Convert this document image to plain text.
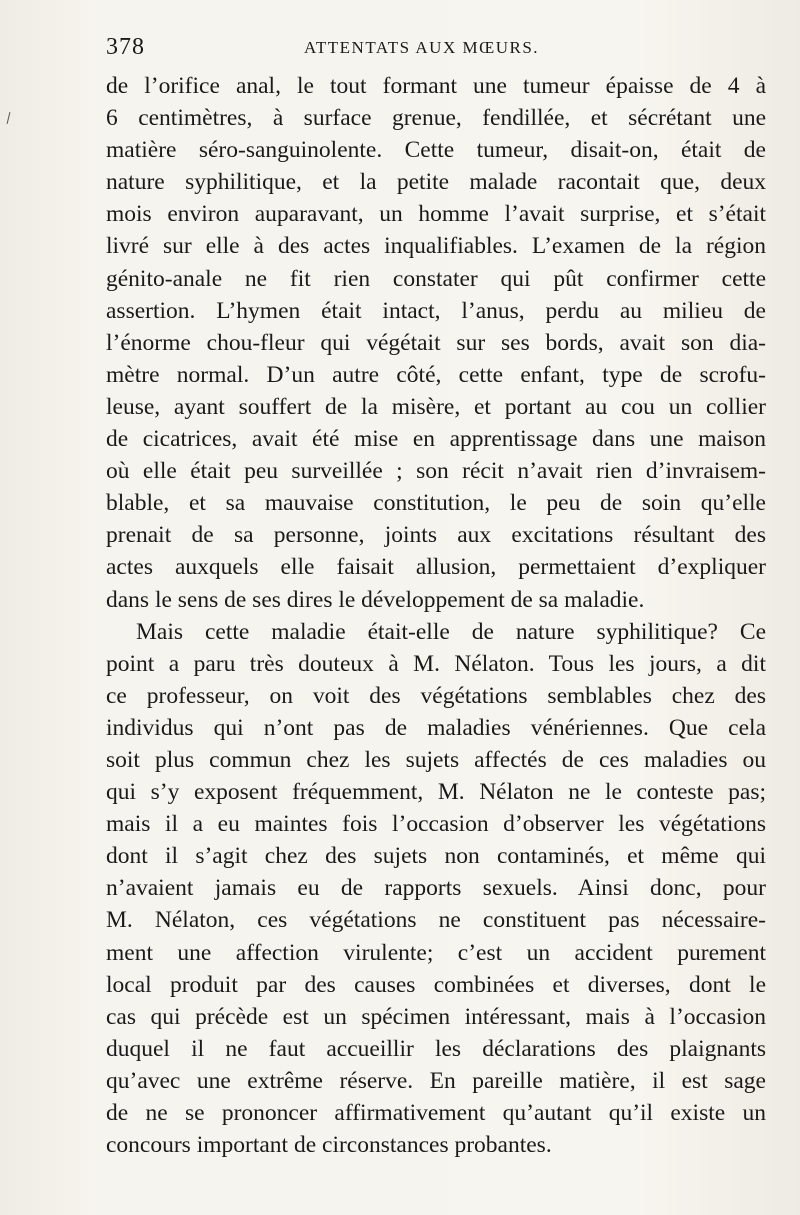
378	ATTENTATS AUX MŒURS.
de l’orifice anal, le tout formant une tumeur épaisse de 4 à
6 centimètres, à surface grenue, fendillée, et sécrétant une
matière séro-sanguinolente. Cette tumeur, disait-on, était de
nature syphilitique, et la petite malade racontait que, deux
mois environ auparavant, un homme l’avait surprise, et s’était
livré sur elle à des actes inqualifiables. L’examen de la région
génito-anale ne fit rien constater qui pût confirmer cette
assertion. L’hymen était intact, l’anus, perdu au milieu de
l’énorme chou-fleur qui végétait sur ses bords, avait son dia-
mètre normal. D’un autre côté, cette enfant, type de scrofu-
leuse, ayant souffert de la misère, et portant au cou un collier
de cicatrices, avait été mise en apprentissage dans une maison
où elle était peu surveillée ; son récit n’avait rien d’invraisem-
blable, et sa mauvaise constitution, le peu de soin qu’elle
prenait de sa personne, joints aux excitations résultant des
actes auxquels elle faisait allusion, permettaient d’expliquer
dans le sens de ses dires le développement de sa maladie.
Mais cette maladie était-elle de nature syphilitique? Ce
point a paru très douteux à M. Nélaton. Tous les jours, a dit
ce professeur, on voit des végétations semblables chez des
individus qui n’ont pas de maladies vénériennes. Que cela
soit plus commun chez les sujets affectés de ces maladies ou
qui s’y exposent fréquemment, M. Nélaton ne le conteste pas;
mais il a eu maintes fois l’occasion d’observer les végétations
dont il s’agit chez des sujets non contaminés, et même qui
n’avaient jamais eu de rapports sexuels. Ainsi donc, pour
M. Nélaton, ces végétations ne constituent pas nécessaire-
ment une affection virulente; c’est un accident purement
local produit par des causes combinées et diverses, dont le
cas qui précède est un spécimen intéressant, mais à l’occasion
duquel il ne faut accueillir les déclarations des plaignants
qu’avec une extrême réserve. En pareille matière, il est sage
de ne se prononcer affirmativement qu’autant qu’il existe un
concours important de circonstances probantes.
